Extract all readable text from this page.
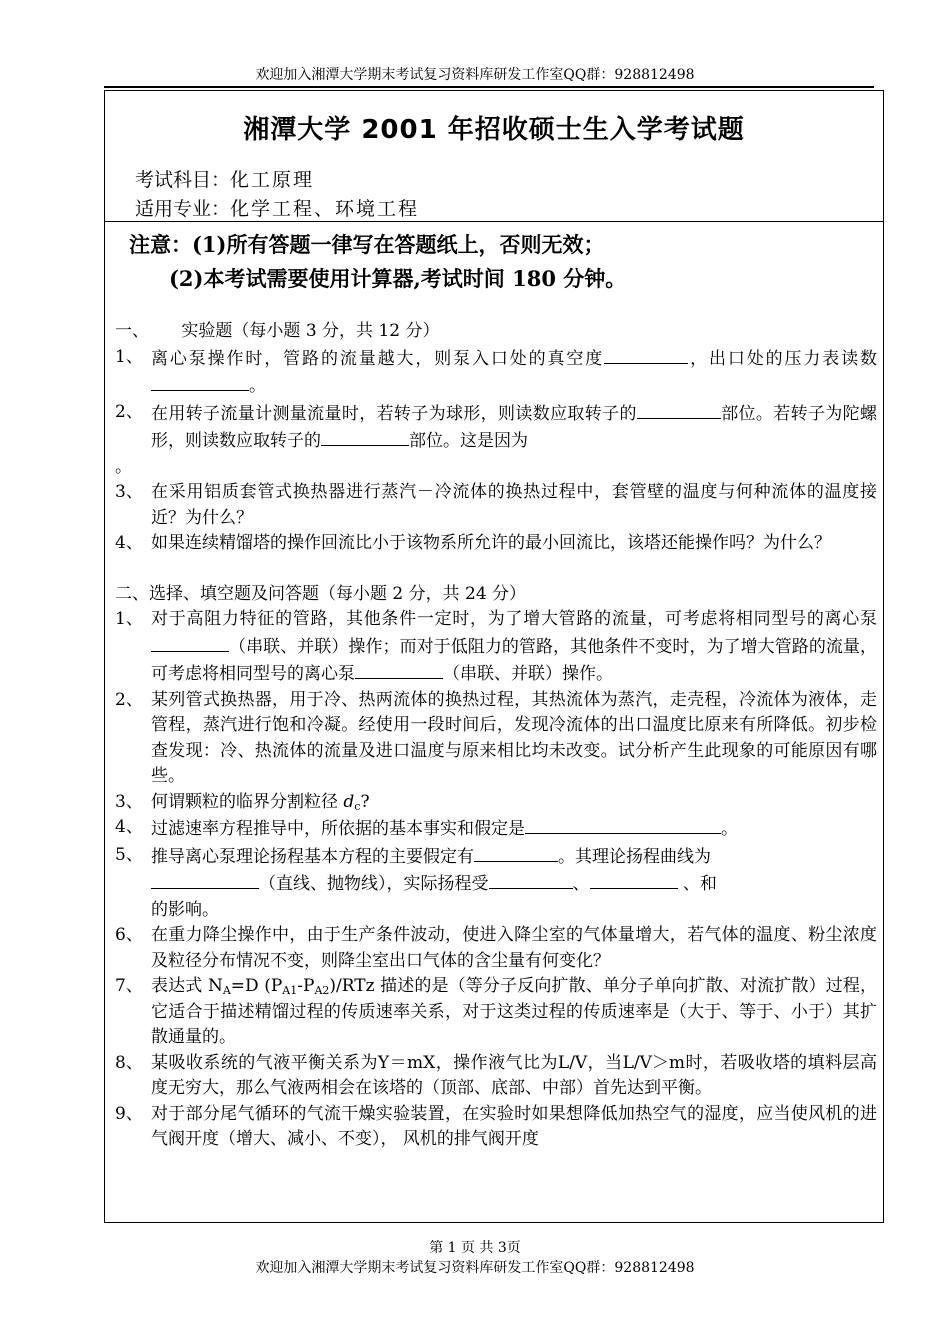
欢迎加入湘潭大学期末考试复习资料库研发工作室QQ群：928812498
湘潭大学 2001 年招收硕士生入学考试题
考试科目：化工原理
适用专业：化学工程、环境工程
注意：(1)所有答题一律写在答题纸上，否则无效；
(2)本考试需要使用计算器,考试时间 180 分钟。
一、      实验题（每小题 3 分，共 12 分）
1、 离心泵操作时，管路的流量越大，则泵入口处的真空度	，出口处的压力表读数。
2、 在用转子流量计测量流量时，若转子为球形，则读数应取转子的	部位。若转子为陀螺形，则读数应取转子的	部位。这是因为
。
3、 在采用铝质套管式换热器进行蒸汽－冷流体的换热过程中，套管壁的温度与何种流体的温度接近？为什么？
4、 如果连续精馏塔的操作回流比小于该物系所允许的最小回流比，该塔还能操作吗？为什么？
二、选择、填空题及问答题（每小题 2 分，共 24 分）
1、 对于高阻力特征的管路，其他条件一定时，为了增大管路的流量，可考虑将相同型号的离心泵（串联、并联）操作；而对于低阻力的管路，其他条件不变时，为了增大管路的流量，可考虑将相同型号的离心泵	（串联、并联）操作。
2、 某列管式换热器，用于冷、热两流体的换热过程，其热流体为蒸汽，走壳程，冷流体为液体，走管程，蒸汽进行饱和冷凝。经使用一段时间后，发现冷流体的出口温度比原来有所降低。初步检查发现：冷、热流体的流量及进口温度与原来相比均未改变。试分析产生此现象的可能原因有哪些。
3、 何谓颗粒的临界分割粒径 $d_c$?
4、 过滤速率方程推导中，所依据的基本事实和假定是	。
5、 推导离心泵理论扬程基本方程的主要假定有	。其理论扬程曲线为
（直线、抛物线），实际扬程受	、	、和
的影响。
6、 在重力降尘操作中，由于生产条件波动，使进入降尘室的气体量增大，若气体的温度、粉尘浓度及粒径分布情况不变，则降尘室出口气体的含尘量有何变化？
7、 表达式 $N_A=D$ $(P_{A1}-P_{A2})$/RTz 描述的是（等分子反向扩散、单分子单向扩散、对流扩散）过程，它适合于描述精馏过程的传质速率关系，对于这类过程的传质速率是（大于、等于、小于）其扩散通量的。
8、 某吸收系统的气液平衡关系为Y＝mX，操作液气比为L/V，当L/V＞m时，若吸收塔的填料层高度无穷大，那么气液两相会在该塔的（顶部、底部、中部）首先达到平衡。
9、 对于部分尾气循环的气流干燥实验装置，在实验时如果想降低加热空气的湿度，应当使风机的进气阀开度（增大、减小、不变）， 风机的排气阀开度
第 1 页 共 3页
欢迎加入湘潭大学期末考试复习资料库研发工作室QQ群：928812498
